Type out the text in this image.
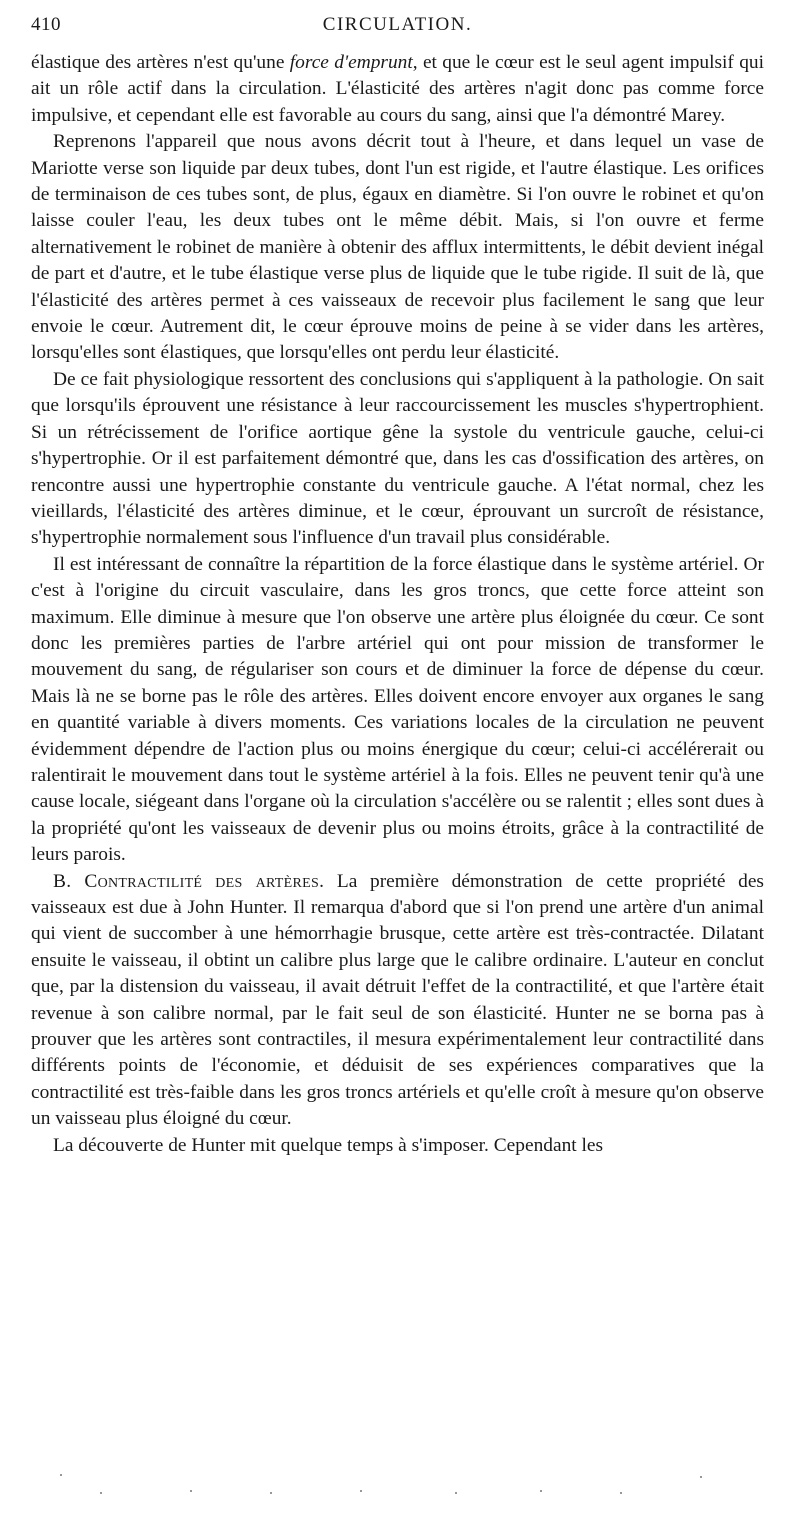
410	CIRCULATION.

élastique des artères n'est qu'une force d'emprunt, et que le cœur est le seul agent impulsif qui ait un rôle actif dans la circulation. L'élasticité des artères n'agit donc pas comme force impulsive, et cependant elle est favorable au cours du sang, ainsi que l'a démontré Marey.

Reprenons l'appareil que nous avons décrit tout à l'heure, et dans lequel un vase de Mariotte verse son liquide par deux tubes, dont l'un est rigide, et l'autre élastique. Les orifices de terminaison de ces tubes sont, de plus, égaux en diamètre. Si l'on ouvre le robinet et qu'on laisse couler l'eau, les deux tubes ont le même débit. Mais, si l'on ouvre et ferme alternativement le robinet de manière à obtenir des afflux intermittents, le débit devient inégal de part et d'autre, et le tube élastique verse plus de liquide que le tube rigide. Il suit de là, que l'élasticité des artères permet à ces vaisseaux de recevoir plus facilement le sang que leur envoie le cœur. Autrement dit, le cœur éprouve moins de peine à se vider dans les artères, lorsqu'elles sont élastiques, que lorsqu'elles ont perdu leur élasticité.

De ce fait physiologique ressortent des conclusions qui s'appliquent à la pathologie. On sait que lorsqu'ils éprouvent une résistance à leur raccourcissement les muscles s'hypertrophient. Si un rétrécissement de l'orifice aortique gêne la systole du ventricule gauche, celui-ci s'hypertrophie. Or il est parfaitement démontré que, dans les cas d'ossification des artères, on rencontre aussi une hypertrophie constante du ventricule gauche. A l'état normal, chez les vieillards, l'élasticité des artères diminue, et le cœur, éprouvant un surcroît de résistance, s'hypertrophie normalement sous l'influence d'un travail plus considérable.

Il est intéressant de connaître la répartition de la force élastique dans le système artériel. Or c'est à l'origine du circuit vasculaire, dans les gros troncs, que cette force atteint son maximum. Elle diminue à mesure que l'on observe une artère plus éloignée du cœur. Ce sont donc les premières parties de l'arbre artériel qui ont pour mission de transformer le mouvement du sang, de régulariser son cours et de diminuer la force de dépense du cœur. Mais là ne se borne pas le rôle des artères. Elles doivent encore envoyer aux organes le sang en quantité variable à divers moments. Ces variations locales de la circulation ne peuvent évidemment dépendre de l'action plus ou moins énergique du cœur; celui-ci accélérerait ou ralentirait le mouvement dans tout le système artériel à la fois. Elles ne peuvent tenir qu'à une cause locale, siégeant dans l'organe où la circulation s'accélère ou se ralentit ; elles sont dues à la propriété qu'ont les vaisseaux de devenir plus ou moins étroits, grâce à la contractilité de leurs parois.

B. Contractilité des artères. La première démonstration de cette propriété des vaisseaux est due à John Hunter. Il remarqua d'abord que si l'on prend une artère d'un animal qui vient de succomber à une hémorrhagie brusque, cette artère est très-contractée. Dilatant ensuite le vaisseau, il obtint un calibre plus large que le calibre ordinaire. L'auteur en conclut que, par la distension du vaisseau, il avait détruit l'effet de la contractilité, et que l'artère était revenue à son calibre normal, par le fait seul de son élasticité. Hunter ne se borna pas à prouver que les artères sont contractiles, il mesura expérimentalement leur contractilité dans différents points de l'économie, et déduisit de ses expériences comparatives que la contractilité est très-faible dans les gros troncs artériels et qu'elle croît à mesure qu'on observe un vaisseau plus éloigné du cœur.

La découverte de Hunter mit quelque temps à s'imposer. Cependant les
